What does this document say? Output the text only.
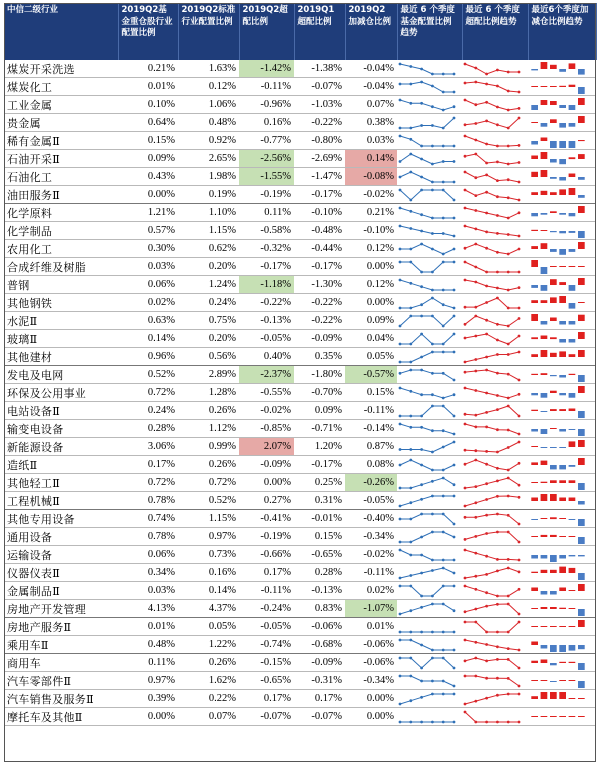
中信二级行业	2019Q2基金重仓股行业配置比例	2019Q2标准行业配置比例	2019Q2超配比例	2019Q1超配比例	2019Q2加减仓比例	最近 6 个季度基金配置比例趋势	最近 6 个季度超配比例趋势	最近6个季度加减仓比例趋势
煤炭开采洗选	0.21%	1.63%	-1.42%	-1.38%	-0.04%	

煤炭化工	0.01%	0.12%	-0.11%	-0.07%	-0.04%	

工业金属	0.10%	1.06%	-0.96%	-1.03%	0.07%	

贵金属	0.64%	0.48%	0.16%	-0.22%	0.38%	

稀有金属Ⅱ	0.15%	0.92%	-0.77%	-0.80%	0.03%	

石油开采Ⅱ	0.09%	2.65%	-2.56%	-2.69%	0.14%	

石油化工	0.43%	1.98%	-1.55%	-1.47%	-0.08%	

油田服务Ⅱ	0.00%	0.19%	-0.19%	-0.17%	-0.02%	

化学原料	1.21%	1.10%	0.11%	-0.10%	0.21%	

化学制品	0.57%	1.15%	-0.58%	-0.48%	-0.10%	

农用化工	0.30%	0.62%	-0.32%	-0.44%	0.12%	

合成纤维及树脂	0.03%	0.20%	-0.17%	-0.17%	0.00%	

普钢	0.06%	1.24%	-1.18%	-1.30%	0.12%	

其他钢铁	0.02%	0.24%	-0.22%	-0.22%	0.00%	

水泥Ⅱ	0.63%	0.75%	-0.13%	-0.22%	0.09%	

玻璃Ⅱ	0.14%	0.20%	-0.05%	-0.09%	0.04%	

其他建材	0.96%	0.56%	0.40%	0.35%	0.05%	

发电及电网	0.52%	2.89%	-2.37%	-1.80%	-0.57%	

环保及公用事业	0.72%	1.28%	-0.55%	-0.70%	0.15%	

电站设备Ⅱ	0.24%	0.26%	-0.02%	0.09%	-0.11%	

输变电设备	0.28%	1.12%	-0.85%	-0.71%	-0.14%	

新能源设备	3.06%	0.99%	2.07%	1.20%	0.87%	

造纸Ⅱ	0.17%	0.26%	-0.09%	-0.17%	0.08%	

其他轻工Ⅱ	0.72%	0.72%	0.00%	0.25%	-0.26%	

工程机械Ⅱ	0.78%	0.52%	0.27%	0.31%	-0.05%	

其他专用设备	0.74%	1.15%	-0.41%	-0.01%	-0.40%	

通用设备	0.78%	0.97%	-0.19%	0.15%	-0.34%	

运输设备	0.06%	0.73%	-0.66%	-0.65%	-0.02%	

仪器仪表Ⅱ	0.34%	0.16%	0.17%	0.28%	-0.11%	

金属制品Ⅱ	0.03%	0.14%	-0.11%	-0.13%	0.02%	

房地产开发管理	4.13%	4.37%	-0.24%	0.83%	-1.07%	

房地产服务Ⅱ	0.01%	0.05%	-0.05%	-0.06%	0.01%	

乘用车Ⅱ	0.48%	1.22%	-0.74%	-0.68%	-0.06%	

商用车	0.11%	0.26%	-0.15%	-0.09%	-0.06%	

汽车零部件Ⅱ	0.97%	1.62%	-0.65%	-0.31%	-0.34%	

汽车销售及服务Ⅱ	0.39%	0.22%	0.17%	0.17%	0.00%	

摩托车及其他Ⅱ	0.00%	0.07%	-0.07%	-0.07%	0.00%	
